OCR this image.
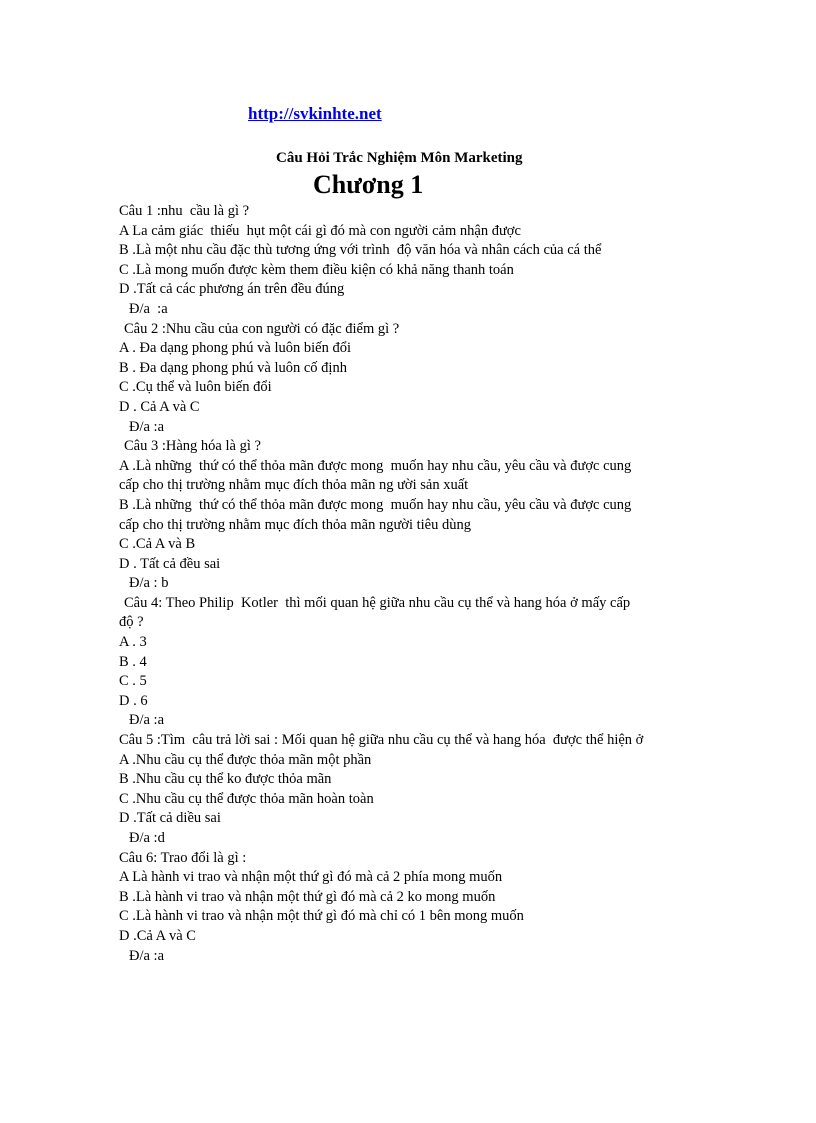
http://svkinhte.net
Câu Hỏi Trắc Nghiệm Môn Marketing
Chương 1
Câu 1 :nhu  cầu là gì ?
A La cảm giác  thiếu  hụt một cái gì đó mà con người cảm nhận được
B .Là một nhu cầu đặc thù tương ứng với trình  độ văn hóa và nhân cách của cá thể
C .Là mong muốn được kèm them điều kiện có khả năng thanh toán
D .Tất cả các phương án trên đều đúng
Đ/a  :a
Câu 2 :Nhu cầu của con người có đặc điểm gì ?
A . Đa dạng phong phú và luôn biến đổi
B . Đa dạng phong phú và luôn cố định
C .Cụ thể và luôn biến đổi
D . Cả A và C
Đ/a :a
Câu 3 :Hàng hóa là gì ?
A .Là những  thứ có thể thỏa mãn được mong  muốn hay nhu cầu, yêu cầu và được cung
cấp cho thị trường nhằm mục đích thỏa mãn ng ười sản xuất
B .Là những  thứ có thể thỏa mãn được mong  muốn hay nhu cầu, yêu cầu và được cung
cấp cho thị trường nhằm mục đích thỏa mãn người tiêu dùng
C .Cả A và B
D . Tất cả đều sai
Đ/a : b
Câu 4: Theo Philip  Kotler  thì mối quan hệ giữa nhu cầu cụ thể và hang hóa ở mấy cấp
độ ?
A . 3
B . 4
C . 5
D . 6
Đ/a :a
Câu 5 :Tìm  câu trả lời sai : Mối quan hệ giữa nhu cầu cụ thể và hang hóa  được thể hiện ở
A .Nhu cầu cụ thể được thỏa mãn một phần
B .Nhu cầu cụ thể ko được thỏa mãn
C .Nhu cầu cụ thể được thỏa mãn hoàn toàn
D .Tất cả diều sai
Đ/a :d
Câu 6: Trao đổi là gì :
A Là hành vi trao và nhận một thứ gì đó mà cả 2 phía mong muốn
B .Là hành vi trao và nhận một thứ gì đó mà cả 2 ko mong muốn
C .Là hành vi trao và nhận một thứ gì đó mà chỉ có 1 bên mong muốn
D .Cả A và C
Đ/a :a
